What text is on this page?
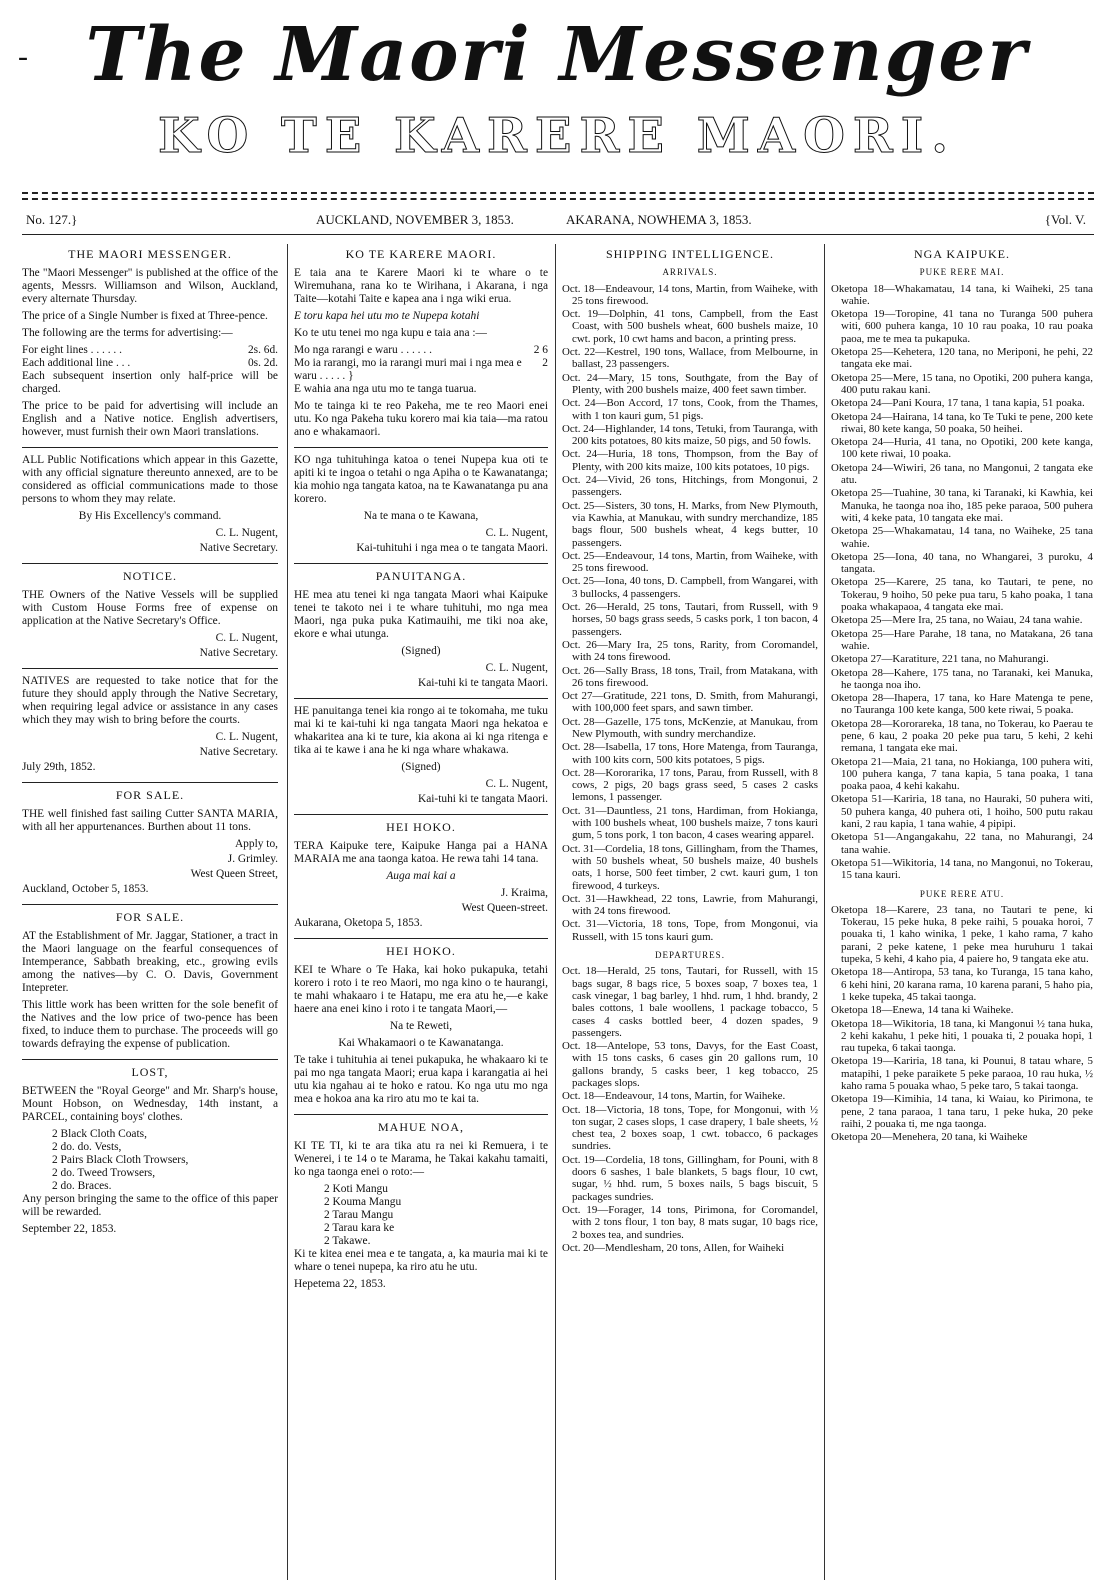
- The Maori Messenger
KO TE KARERE MAORI.
No. 127.}	AUCKLAND, NOVEMBER 3, 1853.	AKARANA, NOWHEMA 3, 1853.	{Vol. V.
THE MAORI MESSENGER.

The "Maori Messenger" is published at the office of the agents, Messrs. Williamson and Wilson, Auckland, every alternate Thursday.

The price of a Single Number is fixed at Three-pence.

The following are the terms for advertising:—

For eight lines . . . . . .	2s. 6d.
Each additional line . . .	0s. 2d.

Each subsequent insertion only half-price will be charged.

The price to be paid for advertising will include an English and a Native notice. English advertisers, however, must furnish their own Maori translations.

ALL Public Notifications which appear in this Gazette, with any official signature thereunto annexed, are to be considered as official communications made to those persons to whom they may relate.

By His Excellency's command.

C. L. Nugent,

Native Secretary.

NOTICE.

THE Owners of the Native Vessels will be supplied with Custom House Forms free of expense on application at the Native Secretary's Office.

C. L. Nugent,

Native Secretary.

NATIVES are requested to take notice that for the future they should apply through the Native Secretary, when requiring legal advice or assistance in any cases which they may wish to bring before the courts.

C. L. Nugent,

Native Secretary.

July 29th, 1852.

FOR SALE.

THE well finished fast sailing Cutter SANTA MARIA, with all her appurtenances. Burthen about 11 tons.

Apply to,

J. Grimley.

West Queen Street,

Auckland, October 5, 1853.

FOR SALE.

AT the Establishment of Mr. Jaggar, Stationer, a tract in the Maori language on the fearful consequences of Intemperance, Sabbath breaking, etc., growing evils among the natives—by C. O. Davis, Government Intepreter.

This little work has been written for the sole benefit of the Natives and the low price of two-pence has been fixed, to induce them to purchase. The proceeds will go towards defraying the expense of publication.

LOST,

BETWEEN the "Royal George" and Mr. Sharp's house, Mount Hobson, on Wednesday, 14th instant, a PARCEL, containing boys' clothes.

2 Black Cloth Coats,

2 do. do. Vests,

2 Pairs Black Cloth Trowsers,

2 do. Tweed Trowsers,

2 do. Braces.

Any person bringing the same to the office of this paper will be rewarded.

September 22, 1853.

KO TE KARERE MAORI.

E taia ana te Karere Maori ki te whare o te Wiremuhana, rana ko te Wirihana, i Akarana, i nga Taite—kotahi Taite e kapea ana i nga wiki erua.

E toru kapa hei utu mo te Nupepa kotahi

Ko te utu tenei mo nga kupu e taia ana :—

Mo nga rarangi e waru . . . . . .	2 6
Mo ia rarangi, mo ia rarangi muri mai i nga mea e waru . . . . . }
2

E wahia ana nga utu mo te tanga tuarua.

Mo te tainga ki te reo Pakeha, me te reo Maori enei utu. Ko nga Pakeha tuku korero mai kia taia—ma ratou ano e whakamaori.

KO nga tuhituhinga katoa o tenei Nupepa kua oti te apiti ki te ingoa o tetahi o nga Apiha o te Kawanatanga; kia mohio nga tangata katoa, na te Kawanatanga pu ana korero.

Na te mana o te Kawana,

C. L. Nugent,

Kai-tuhituhi i nga mea o te tangata Maori.

PANUITANGA.

HE mea atu tenei ki nga tangata Maori whai Kaipuke tenei te takoto nei i te whare tuhituhi, mo nga mea Maori, nga puka puka Katimauihi, me tiki noa ake, ekore e whai utunga.

(Signed)

C. L. Nugent,

Kai-tuhi ki te tangata Maori.

HE panuitanga tenei kia rongo ai te tokomaha, me tuku mai ki te kai-tuhi ki nga tangata Maori nga hekatoa e whakaritea ana ki te ture, kia akona ai ki nga ritenga e tika ai te kawe i ana he ki nga whare whakawa.

(Signed)

C. L. Nugent,

Kai-tuhi ki te tangata Maori.

HEI HOKO.

TERA Kaipuke tere, Kaipuke Hanga pai a HANA MARAIA me ana taonga katoa. He rewa tahi 14 tana.

Auga mai kai a

J. Kraima,

West Queen-street.

Aukarana, Oketopa 5, 1853.

HEI HOKO.

KEI te Whare o Te Haka, kai hoko pukapuka, tetahi korero i roto i te reo Maori, mo nga kino o te haurangi, te mahi whakaaro i te Hatapu, me era atu he,—e kake haere ana enei kino i roto i te tangata Maori,—

Na te Reweti,

Kai Whakamaori o te Kawanatanga.

Te take i tuhituhia ai tenei pukapuka, he whakaaro ki te pai mo nga tangata Maori; erua kapa i karangatia ai hei utu kia ngahau ai te hoko e ratou. Ko nga utu mo nga mea e hokoa ana ka riro atu mo te kai ta.

MAHUE NOA,

KI TE TI, ki te ara tika atu ra nei ki Remuera, i te Wenerei, i te 14 o te Marama, he Takai kakahu tamaiti, ko nga taonga enei o roto:—

2 Koti Mangu

2 Kouma Mangu

2 Tarau Mangu

2 Tarau kara ke

2 Takawe.

Ki te kitea enei mea e te tangata, a, ka mauria mai ki te whare o tenei nupepa, ka riro atu he utu.

Hepetema 22, 1853.

SHIPPING INTELLIGENCE.
ARRIVALS.

Oct. 18—Endeavour, 14 tons, Martin, from Waiheke, with 25 tons firewood.

Oct. 19—Dolphin, 41 tons, Campbell, from the East Coast, with 500 bushels wheat, 600 bushels maize, 10 cwt. pork, 10 cwt hams and bacon, a printing press.

Oct. 22—Kestrel, 190 tons, Wallace, from Melbourne, in ballast, 23 passengers.

Oct. 24—Mary, 15 tons, Southgate, from the Bay of Plenty, with 200 bushels maize, 400 feet sawn timber.

Oct. 24—Bon Accord, 17 tons, Cook, from the Thames, with 1 ton kauri gum, 51 pigs.

Oct. 24—Highlander, 14 tons, Tetuki, from Tauranga, with 200 kits potatoes, 80 kits maize, 50 pigs, and 50 fowls.

Oct. 24—Huria, 18 tons, Thompson, from the Bay of Plenty, with 200 kits maize, 100 kits potatoes, 10 pigs.

Oct. 24—Vivid, 26 tons, Hitchings, from Mongonui, 2 passengers.

Oct. 25—Sisters, 30 tons, H. Marks, from New Plymouth, via Kawhia, at Manukau, with sundry merchandize, 185 bags flour, 500 bushels wheat, 4 kegs butter, 10 passengers.

Oct. 25—Endeavour, 14 tons, Martin, from Waiheke, with 25 tons firewood.

Oct. 25—Iona, 40 tons, D. Campbell, from Wangarei, with 3 bullocks, 4 passengers.

Oct. 26—Herald, 25 tons, Tautari, from Russell, with 9 horses, 50 bags grass seeds, 5 casks pork, 1 ton bacon, 4 passengers.

Oct. 26—Mary Ira, 25 tons, Rarity, from Coromandel, with 24 tons firewood.

Oct. 26—Sally Brass, 18 tons, Trail, from Matakana, with 26 tons firewood.

Oct 27—Gratitude, 221 tons, D. Smith, from Mahurangi, with 100,000 feet spars, and sawn timber.

Oct. 28—Gazelle, 175 tons, McKenzie, at Manukau, from New Plymouth, with sundry merchandize.

Oct. 28—Isabella, 17 tons, Hore Matenga, from Tauranga, with 100 kits corn, 500 kits potatoes, 5 pigs.

Oct. 28—Kororarika, 17 tons, Parau, from Russell, with 8 cows, 2 pigs, 20 bags grass seed, 5 cases 2 casks lemons, 1 passenger.

Oct. 31—Dauntless, 21 tons, Hardiman, from Hokianga, with 100 bushels wheat, 100 bushels maize, 7 tons kauri gum, 5 tons pork, 1 ton bacon, 4 cases wearing apparel.

Oct. 31—Cordelia, 18 tons, Gillingham, from the Thames, with 50 bushels wheat, 50 bushels maize, 40 bushels oats, 1 horse, 500 feet timber, 2 cwt. kauri gum, 1 ton firewood, 4 turkeys.

Oct. 31—Hawkhead, 22 tons, Lawrie, from Mahurangi, with 24 tons firewood.

Oct. 31—Victoria, 18 tons, Tope, from Mongonui, via Russell, with 15 tons kauri gum.

DEPARTURES.

Oct. 18—Herald, 25 tons, Tautari, for Russell, with 15 bags sugar, 8 bags rice, 5 boxes soap, 7 boxes tea, 1 cask vinegar, 1 bag barley, 1 hhd. rum, 1 hhd. brandy, 2 bales cottons, 1 bale woollens, 1 package tobacco, 5 cases 4 casks bottled beer, 4 dozen spades, 9 passengers.

Oct. 18—Antelope, 53 tons, Davys, for the East Coast, with 15 tons casks, 6 cases gin 20 gallons rum, 10 gallons brandy, 5 casks beer, 1 keg tobacco, 25 packages slops.

Oct. 18—Endeavour, 14 tons, Martin, for Waiheke.

Oct. 18—Victoria, 18 tons, Tope, for Mongonui, with ½ ton sugar, 2 cases slops, 1 case drapery, 1 bale sheets, ½ chest tea, 2 boxes soap, 1 cwt. tobacco, 6 packages sundries.

Oct. 19—Cordelia, 18 tons, Gillingham, for Pouni, with 8 doors 6 sashes, 1 bale blankets, 5 bags flour, 10 cwt, sugar, ½ hhd. rum, 5 boxes nails, 5 bags biscuit, 5 packages sundries.

Oct. 19—Forager, 14 tons, Pirimona, for Coromandel, with 2 tons flour, 1 ton bay, 8 mats sugar, 10 bags rice, 2 boxes tea, and sundries.

Oct. 20—Mendlesham, 20 tons, Allen, for Waiheki

NGA KAIPUKE.
PUKE RERE MAI.

Oketopa 18—Whakamatau, 14 tana, ki Waiheki, 25 tana wahie.

Oketopa 19—Toropine, 41 tana no Turanga 500 puhera witi, 600 puhera kanga, 10 10 rau poaka, 10 rau poaka paoa, me te mea ta pukapuka.

Oketopa 25—Kehetera, 120 tana, no Meriponi, he pehi, 22 tangata eke mai.

Oketopa 25—Mere, 15 tana, no Opotiki, 200 puhera kanga, 400 putu rakau kani.

Oketopa 24—Pani Koura, 17 tana, 1 tana kapia, 51 poaka.

Oketopa 24—Hairana, 14 tana, ko Te Tuki te pene, 200 kete riwai, 80 kete kanga, 50 poaka, 50 heihei.

Oketopa 24—Huria, 41 tana, no Opotiki, 200 kete kanga, 100 kete riwai, 10 poaka.

Oketopa 24—Wiwiri, 26 tana, no Mangonui, 2 tangata eke atu.

Oketopa 25—Tuahine, 30 tana, ki Taranaki, ki Kawhia, kei Manuka, he taonga noa iho, 185 peke paraoa, 500 puhera witi, 4 keke pata, 10 tangata eke mai.

Oketopa 25—Whakamatau, 14 tana, no Waiheke, 25 tana wahie.

Oketopa 25—Iona, 40 tana, no Whangarei, 3 puroku, 4 tangata.

Oketopa 25—Karere, 25 tana, ko Tautari, te pene, no Tokerau, 9 hoiho, 50 peke pua taru, 5 kaho poaka, 1 tana poaka whakapaoa, 4 tangata eke mai.

Oketopa 25—Mere Ira, 25 tana, no Waiau, 24 tana wahie.

Oketopa 25—Hare Parahe, 18 tana, no Matakana, 26 tana wahie.

Oketopa 27—Karatiture, 221 tana, no Mahurangi.

Oketopa 28—Kahere, 175 tana, no Taranaki, kei Manuka, he taonga noa iho.

Oketopa 28—Ihapera, 17 tana, ko Hare Matenga te pene, no Tauranga 100 kete kanga, 500 kete riwai, 5 poaka.

Oketopa 28—Kororareka, 18 tana, no Tokerau, ko Paerau te pene, 6 kau, 2 poaka 20 peke pua taru, 5 kehi, 2 kehi remana, 1 tangata eke mai.

Oketopa 21—Maia, 21 tana, no Hokianga, 100 puhera witi, 100 puhera kanga, 7 tana kapia, 5 tana poaka, 1 tana poaka paoa, 4 kehi kakahu.

Oketopa 51—Kariria, 18 tana, no Hauraki, 50 puhera witi, 50 puhera kanga, 40 puhera oti, 1 hoiho, 500 putu rakau kani, 2 rau kapia, 1 tana wahie, 4 pipipi.

Oketopa 51—Angangakahu, 22 tana, no Mahurangi, 24 tana wahie.

Oketopa 51—Wikitoria, 14 tana, no Mangonui, no Tokerau, 15 tana kauri.

PUKE RERE ATU.

Oketopa 18—Karere, 23 tana, no Tautari te pene, ki Tokerau, 15 peke huka, 8 peke raihi, 5 pouaka horoi, 7 pouaka ti, 1 kaho winika, 1 peke, 1 kaho rama, 7 kaho parani, 2 peke katene, 1 peke mea huruhuru 1 takai tupeka, 5 kehi, 4 kaho pia, 4 paiere ho, 9 tangata eke atu.

Oketopa 18—Antiropa, 53 tana, ko Turanga, 15 tana kaho, 6 kehi hini, 20 karana rama, 10 karena parani, 5 haho pia, 1 keke tupeka, 45 takai taonga.

Oketopa 18—Enewa, 14 tana ki Waiheke.

Oketopa 18—Wikitoria, 18 tana, ki Mangonui ½ tana huka, 2 kehi kakahu, 1 peke hiti, 1 pouaka ti, 2 pouaka hopi, 1 rau tupeka, 6 takai taonga.

Oketopa 19—Kariria, 18 tana, ki Pounui, 8 tatau whare, 5 matapihi, 1 peke paraikete 5 peke paraoa, 10 rau huka, ½ kaho rama 5 pouaka whao, 5 peke taro, 5 takai taonga.

Oketopa 19—Kimihia, 14 tana, ki Waiau, ko Pirimona, te pene, 2 tana paraoa, 1 tana taru, 1 peke huka, 20 peke raihi, 2 pouaka ti, me nga taonga.

Oketopa 20—Menehera, 20 tana, ki Waiheke
